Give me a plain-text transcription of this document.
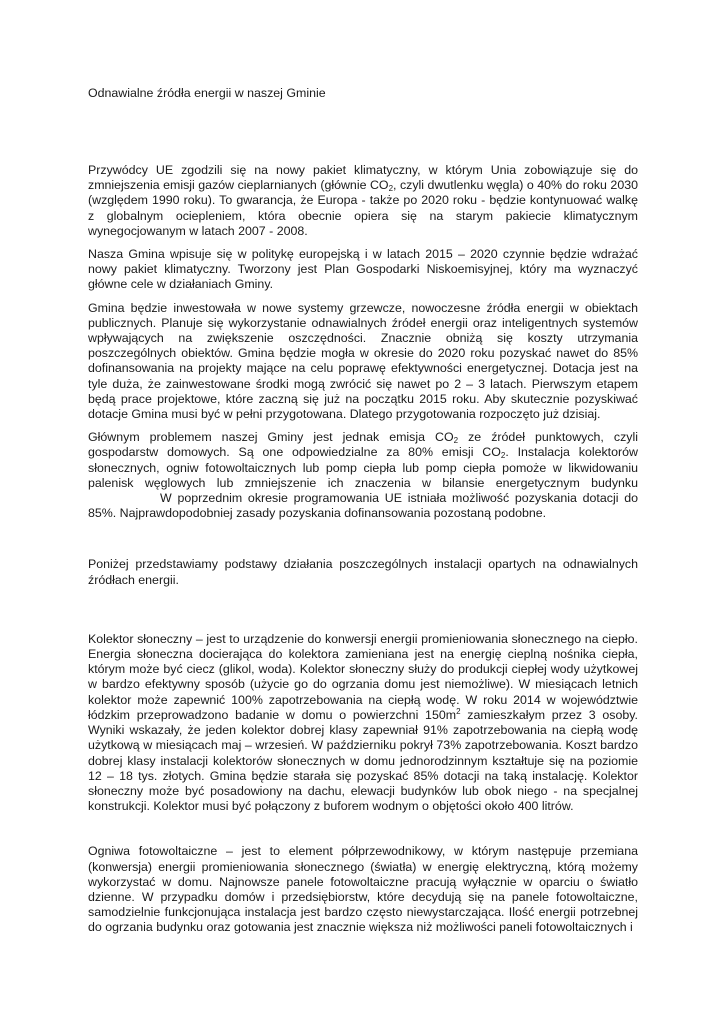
Odnawialne źródła energii w naszej Gminie

Przywódcy UE zgodzili się na nowy pakiet klimatyczny, w którym Unia zobowiązuje się do zmniejszenia emisji gazów cieplarnianych (głównie $CO_2$, czyli dwutlenku węgla) o 40% do roku 2030 (względem 1990 roku). To gwarancja, że Europa - także po 2020 roku - będzie kontynuować walkę z globalnym ociepleniem, która obecnie opiera się na starym pakiecie klimatycznym wynegocjowanym w latach 2007 - 2008.

Nasza Gmina wpisuje się w politykę europejską i w latach 2015 – 2020 czynnie będzie wdrażać nowy pakiet klimatyczny. Tworzony jest Plan Gospodarki Niskoemisyjnej, który ma wyznaczyć główne cele w działaniach Gminy.

Gmina będzie inwestowała w nowe systemy grzewcze, nowoczesne źródła energii w obiektach publicznych. Planuje się wykorzystanie odnawialnych źródeł energii oraz inteligentnych systemów wpływających na zwiększenie oszczędności. Znacznie obniżą się koszty utrzymania poszczególnych obiektów. Gmina będzie mogła w okresie do 2020 roku pozyskać nawet do 85% dofinansowania na projekty mające na celu poprawę efektywności energetycznej. Dotacja jest na tyle duża, że zainwestowane środki mogą zwrócić się nawet po 2 – 3 latach. Pierwszym etapem będą prace projektowe, które zaczną się już na początku 2015 roku. Aby skutecznie pozyskiwać dotacje Gmina musi być w pełni przygotowana. Dlatego przygotowania rozpoczęto już dzisiaj.

Głównym problemem naszej Gminy jest jednak emisja $CO_2$ ze źródeł punktowych, czyli gospodarstw domowych. Są one odpowiedzialne za 80% emisji $CO_2$. Instalacja kolektorów słonecznych, ogniw fotowoltaicznych lub pomp ciepła lub pomp ciepła pomoże w likwidowaniu palenisk węglowych lub zmniejszenie ich znaczenia w bilansie energetycznym budynkuW poprzednim okresie programowania UE istniała możliwość pozyskania dotacji do 85%. Najprawdopodobniej zasady pozyskania dofinansowania pozostaną podobne.

Poniżej przedstawiamy podstawy działania poszczególnych instalacji opartych na odnawialnych źródłach energii.

Kolektor słoneczny – jest to urządzenie do konwersji energii promieniowania słonecznego na ciepło. Energia słoneczna docierająca do kolektora zamieniana jest na energię cieplną nośnika ciepła, którym może być ciecz (glikol, woda). Kolektor słoneczny służy do produkcji ciepłej wody użytkowej w bardzo efektywny sposób (użycie go do ogrzania domu jest niemożliwe). W miesiącach letnich kolektor może zapewnić 100% zapotrzebowania na ciepłą wodę. W roku 2014 w województwie łódzkim przeprowadzono badanie w domu o powierzchni $150m^2$ zamieszkałym przez 3 osoby. Wyniki wskazały, że jeden kolektor dobrej klasy zapewniał 91% zapotrzebowania na ciepłą wodę użytkową w miesiącach maj – wrzesień. W październiku pokrył 73% zapotrzebowania. Koszt bardzo dobrej klasy instalacji kolektorów słonecznych w domu jednorodzinnym kształtuje się na poziomie 12 – 18 tys. złotych. Gmina będzie starała się pozyskać 85% dotacji na taką instalację. Kolektor słoneczny może być posadowiony na dachu, elewacji budynków lub obok niego - na specjalnej konstrukcji. Kolektor musi być połączony z buforem wodnym o objętości około 400 litrów.

Ogniwa fotowoltaiczne – jest to element półprzewodnikowy, w którym następuje przemiana (konwersja) energii promieniowania słonecznego (światła) w energię elektryczną, którą możemy wykorzystać w domu. Najnowsze panele fotowoltaiczne pracują wyłącznie w oparciu o światło dzienne. W przypadku domów i przedsiębiorstw, które decydują się na panele fotowoltaiczne, samodzielnie funkcjonująca instalacja jest bardzo często niewystarczająca. Ilość energii potrzebnej do ogrzania budynku oraz gotowania jest znacznie większa niż możliwości paneli fotowoltaicznych i
